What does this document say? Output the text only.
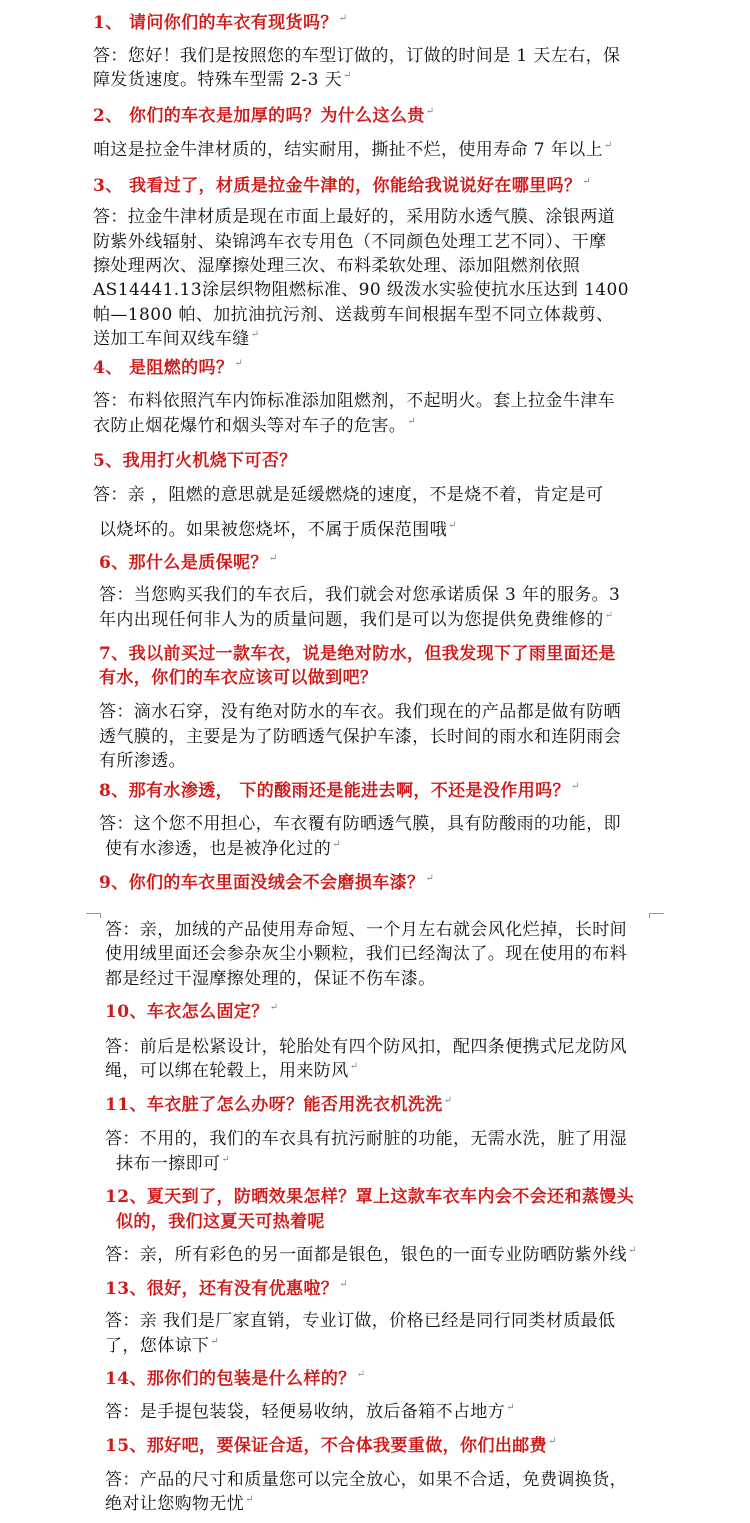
1、 请问你们的车衣有现货吗？↵
答：您好！我们是按照您的车型订做的，订做的时间是 1 天左右，保
障发货速度。特殊车型需 2-3 天↵
2、 你们的车衣是加厚的吗？为什么这么贵↵
咱这是拉金牛津材质的，结实耐用，撕扯不烂，使用寿命 7 年以上↵
3、 我看过了，材质是拉金牛津的，你能给我说说好在哪里吗？↵
答：拉金牛津材质是现在市面上最好的，采用防水透气膜、涂银两道
防紫外线辐射、染锦鸿车衣专用色（不同颜色处理工艺不同）、干摩
擦处理两次、湿摩擦处理三次、布料柔软处理、添加阻燃剂依照
AS14441.13涂层织物阻燃标准、90 级泼水实验使抗水压达到 1400
帕—1800 帕、加抗油抗污剂、送裁剪车间根据车型不同立体裁剪、
送加工车间双线车缝↵
4、 是阻燃的吗？↵
答：布料依照汽车内饰标准添加阻燃剂，不起明火。套上拉金牛津车
衣防止烟花爆竹和烟头等对车子的危害。↵
5、我用打火机烧下可否？
答：亲 ，阻燃的意思就是延缓燃烧的速度，不是烧不着，肯定是可
以烧坏的。如果被您烧坏，不属于质保范围哦↵
6、那什么是质保呢？↵
答：当您购买我们的车衣后，我们就会对您承诺质保 3 年的服务。3
年内出现任何非人为的质量问题，我们是可以为您提供免费维修的↵
7、我以前买过一款车衣，说是绝对防水，但我发现下了雨里面还是
有水，你们的车衣应该可以做到吧？
答：滴水石穿，没有绝对防水的车衣。我们现在的产品都是做有防晒
透气膜的，主要是为了防晒透气保护车漆，长时间的雨水和连阴雨会
有所渗透。
8、那有水渗透， 下的酸雨还是能进去啊，不还是没作用吗？↵
答：这个您不用担心，车衣覆有防晒透气膜，具有防酸雨的功能，即
使有水渗透，也是被净化过的↵
9、你们的车衣里面没绒会不会磨损车漆？↵
答：亲，加绒的产品使用寿命短、一个月左右就会风化烂掉，长时间
使用绒里面还会参杂灰尘小颗粒，我们已经淘汰了。现在使用的布料
都是经过干湿摩擦处理的，保证不伤车漆。
10、车衣怎么固定？↵
答：前后是松紧设计，轮胎处有四个防风扣，配四条便携式尼龙防风
绳，可以绑在轮毂上，用来防风↵
11、车衣脏了怎么办呀？能否用洗衣机洗洗↵
答：不用的，我们的车衣具有抗污耐脏的功能，无需水洗，脏了用湿
抹布一擦即可↵
12、夏天到了，防晒效果怎样？罩上这款车衣车内会不会还和蒸馒头
似的，我们这夏天可热着呢
答：亲，所有彩色的另一面都是银色，银色的一面专业防晒防紫外线↵
13、很好，还有没有优惠啦？↵
答：亲 我们是厂家直销，专业订做，价格已经是同行同类材质最低
了，您体谅下↵
14、那你们的包装是什么样的？↵
答：是手提包装袋，轻便易收纳，放后备箱不占地方↵
15、那好吧，要保证合适，不合体我要重做，你们出邮费↵
答：产品的尺寸和质量您可以完全放心，如果不合适，免费调换货，
绝对让您购物无忧↵
